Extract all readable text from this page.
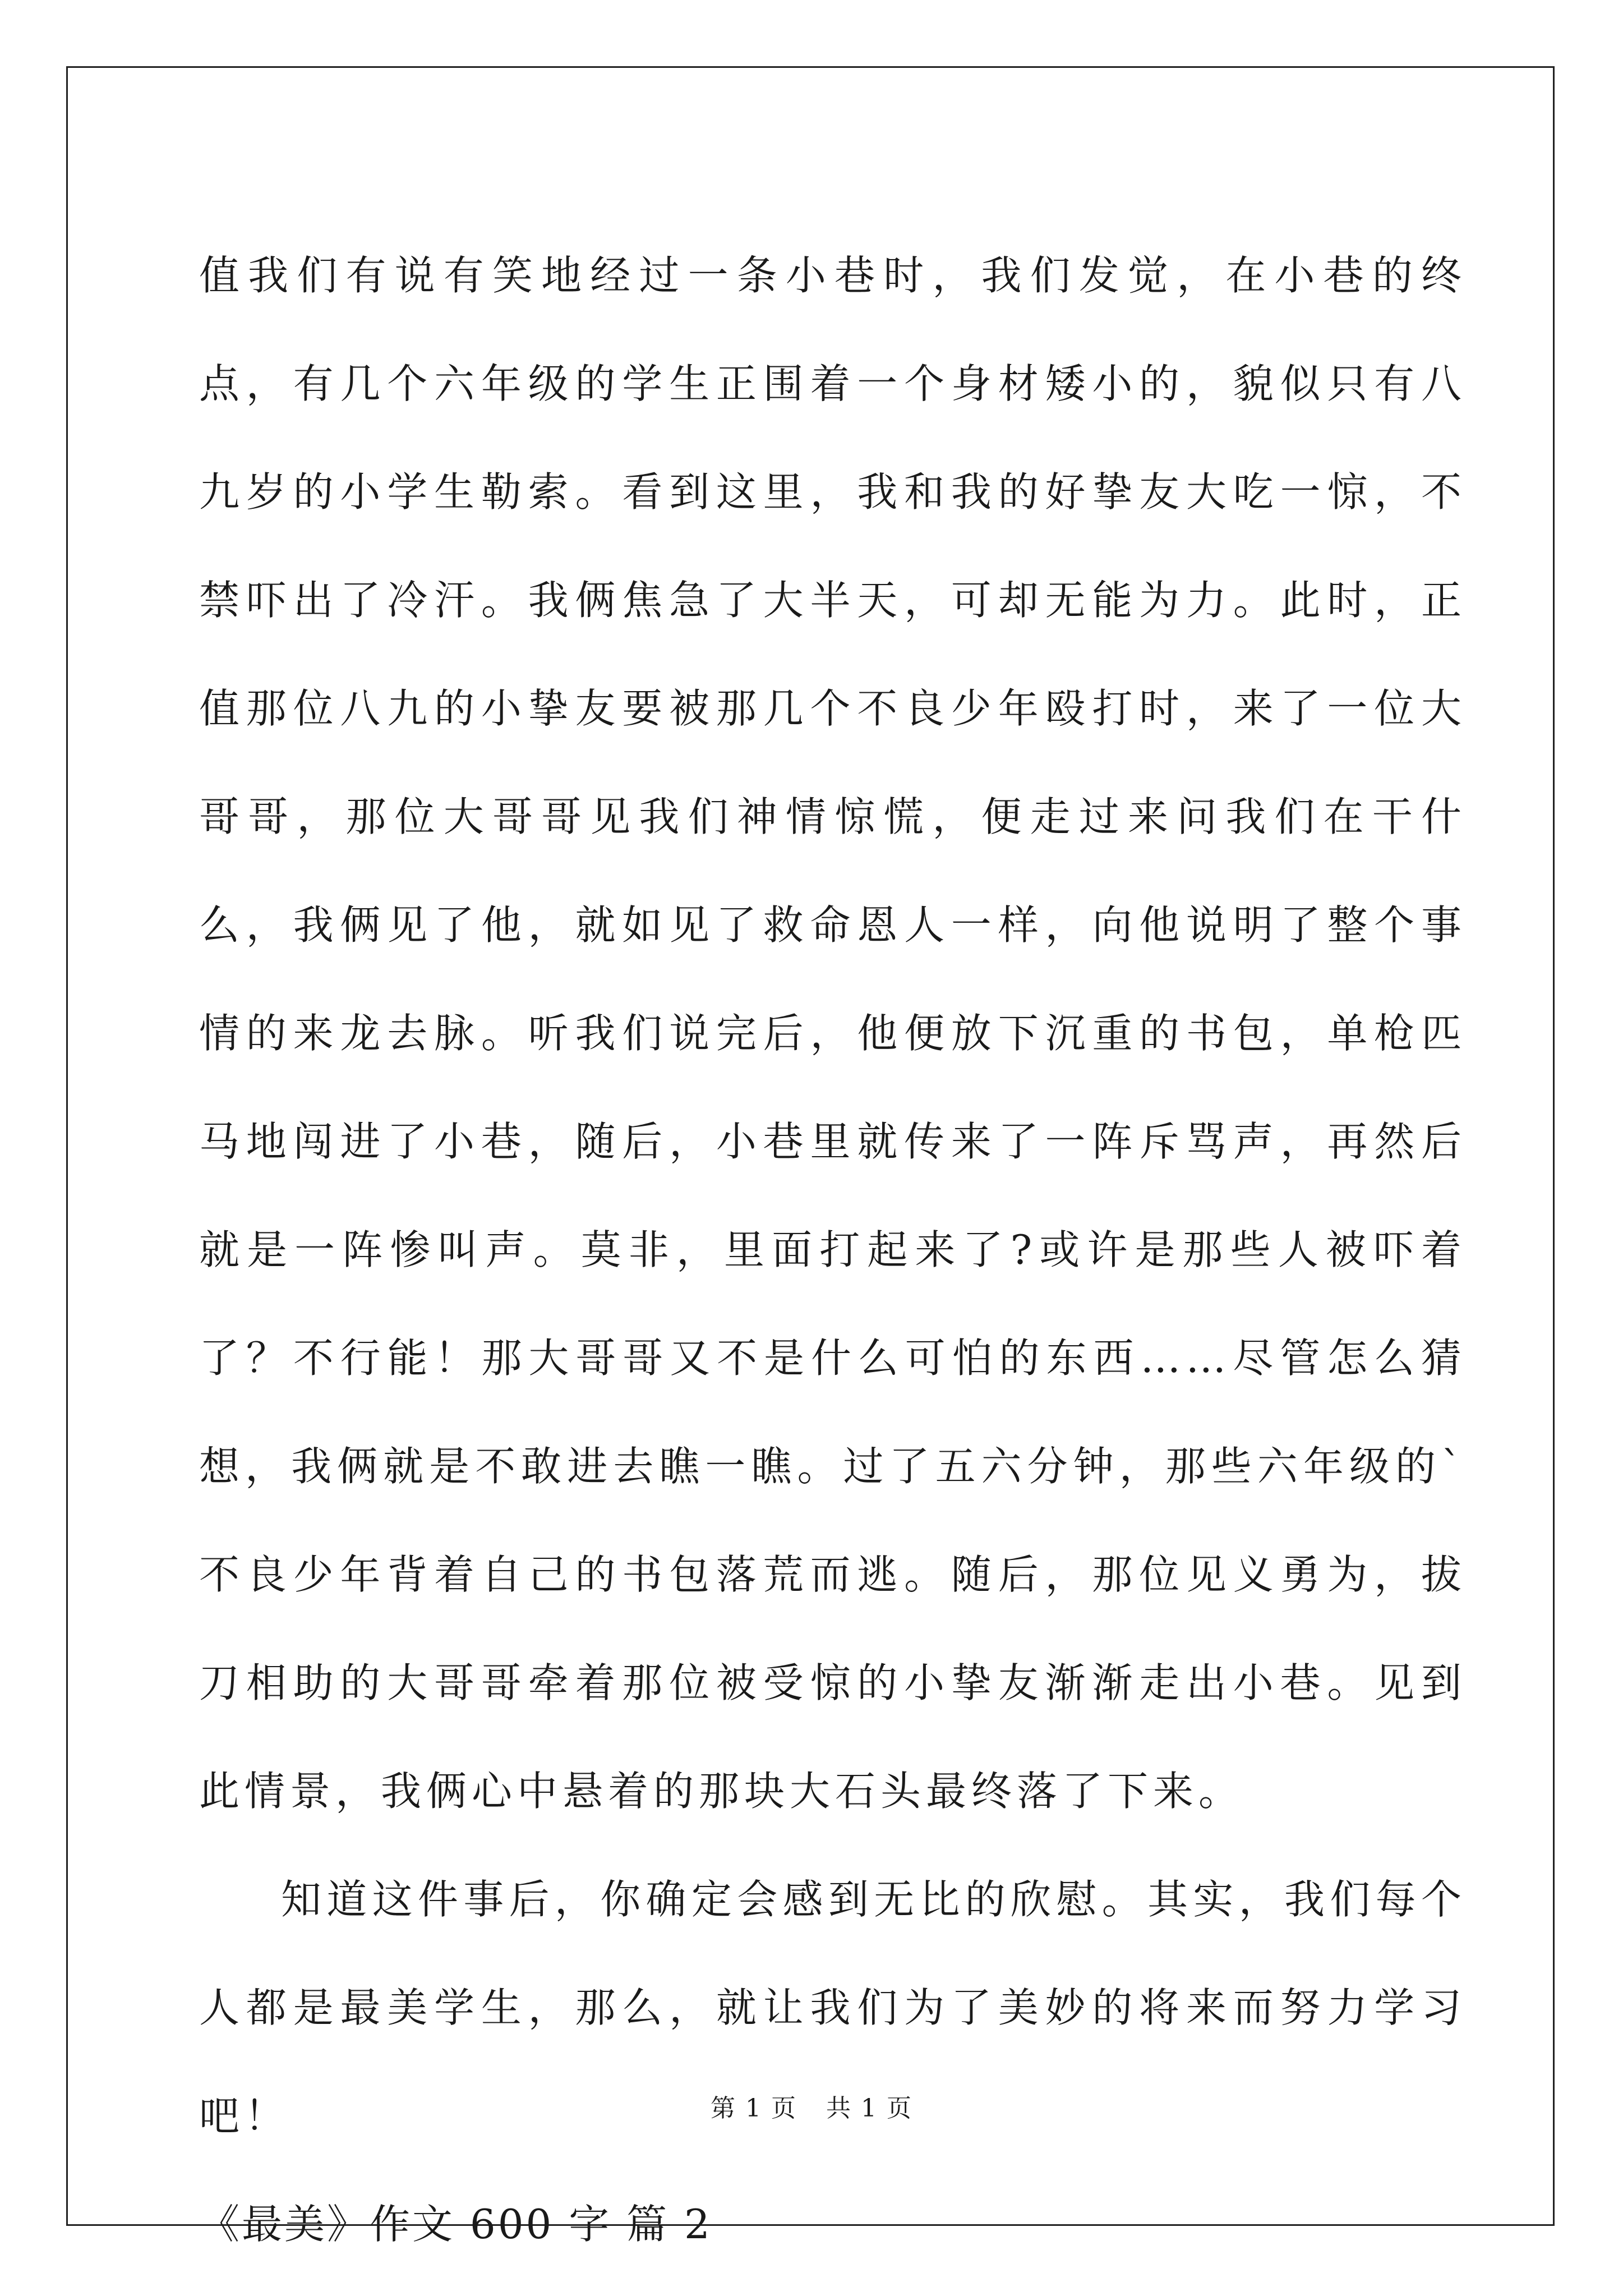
值我们有说有笑地经过一条小巷时，我们发觉，在小巷的终点，有几个六年级的学生正围着一个身材矮小的，貌似只有八九岁的小学生勒索。看到这里，我和我的好挚友大吃一惊，不禁吓出了冷汗。我俩焦急了大半天，可却无能为力。此时，正值那位八九的小挚友要被那几个不良少年殴打时，来了一位大哥哥，那位大哥哥见我们神情惊慌，便走过来问我们在干什么，我俩见了他，就如见了救命恩人一样，向他说明了整个事情的来龙去脉。听我们说完后，他便放下沉重的书包，单枪匹马地闯进了小巷，随后，小巷里就传来了一阵斥骂声，再然后就是一阵惨叫声。莫非，里面打起来了?或许是那些人被吓着了？不行能！那大哥哥又不是什么可怕的东西……尽管怎么猜想，我俩就是不敢进去瞧一瞧。过了五六分钟，那些六年级的`不良少年背着自己的书包落荒而逃。随后，那位见义勇为，拔刀相助的大哥哥牵着那位被受惊的小挚友渐渐走出小巷。见到此情景，我俩心中悬着的那块大石头最终落了下来。

知道这件事后，你确定会感到无比的欣慰。其实，我们每个人都是最美学生，那么，就让我们为了美妙的将来而努力学习吧！

《最美》作文 600 字 篇 2

第 1 页 共 1 页
